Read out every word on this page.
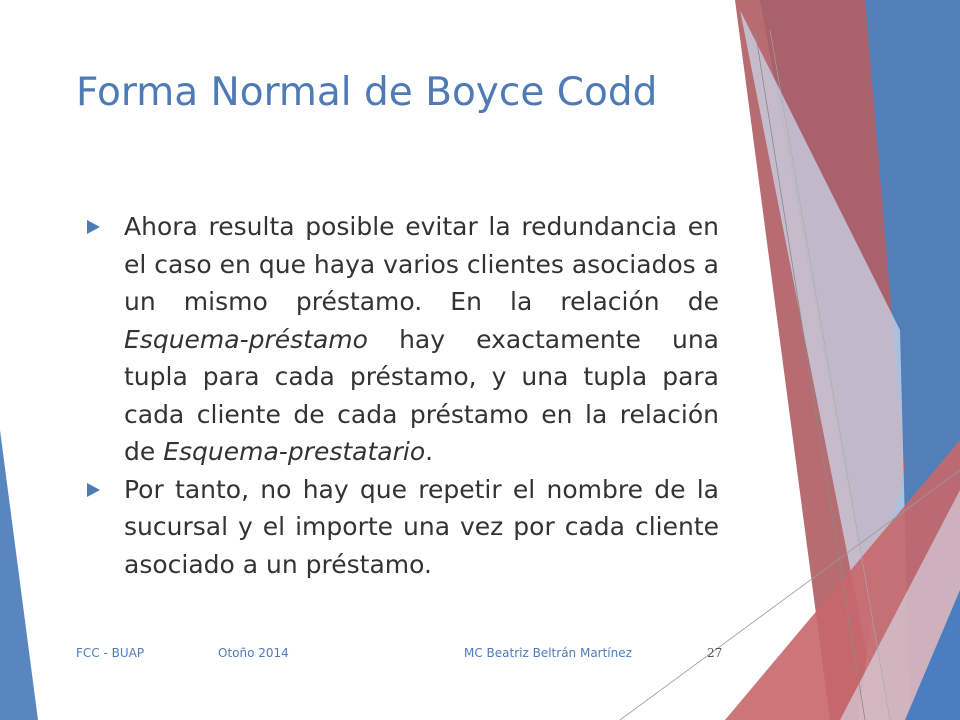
Forma Normal de Boyce Codd
Ahora resulta posible evitar la redundancia en el caso en que haya varios clientes asociados a un mismo préstamo. En la relación de Esquema-préstamo hay exactamente una tupla para cada préstamo, y una tupla para cada cliente de cada préstamo en la relación de Esquema-prestatario.
Por tanto, no hay que repetir el nombre de la sucursal y el importe una vez por cada cliente asociado a un préstamo.
FCC - BUAP	Otoño 2014	MC Beatriz Beltrán Martínez	27
